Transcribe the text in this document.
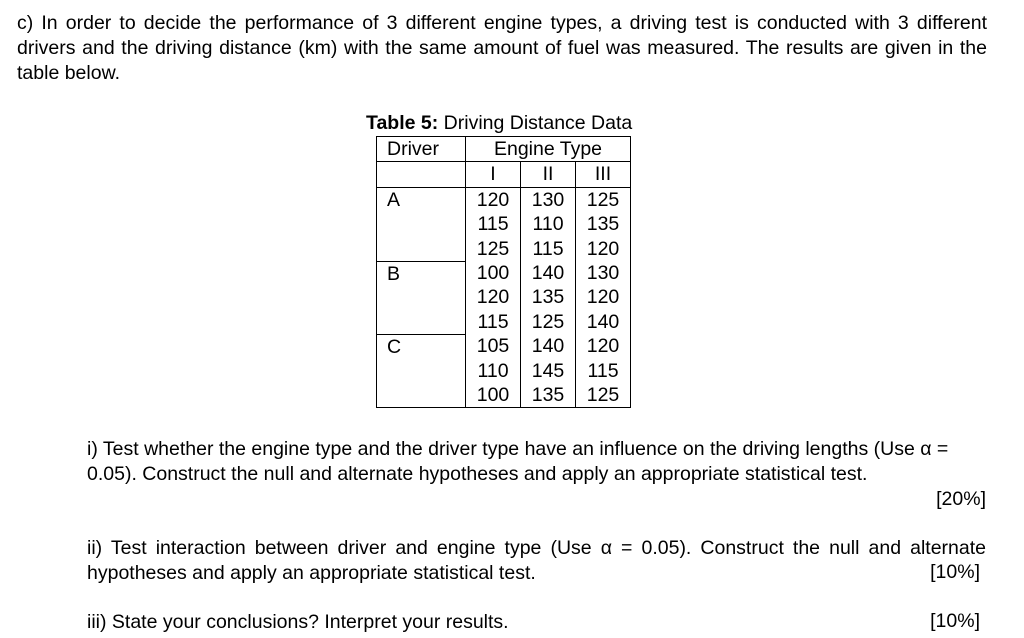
c) In order to decide the performance of 3 different engine types, a driving test is conducted with 3 different drivers and the driving distance (km) with the same amount of fuel was measured. The results are given in the table below.
Table 5: Driving Distance Data
Driver	Engine Type		
	I	II	III
A	120	130	125
	115	110	135
	125	115	120
B	100	140	130
	120	135	120
	115	125	140
C	105	140	120
	110	145	115
	100	135	125
i) Test whether the engine type and the driver type have an influence on the driving lengths (Use α = 0.05). Construct the null and alternate hypotheses and apply an appropriate statistical test.
[20%]
ii) Test interaction between driver and engine type (Use α = 0.05). Construct the null and alternate hypotheses and apply an appropriate statistical test.	[10%]
iii) State your conclusions? Interpret your results.	[10%]
